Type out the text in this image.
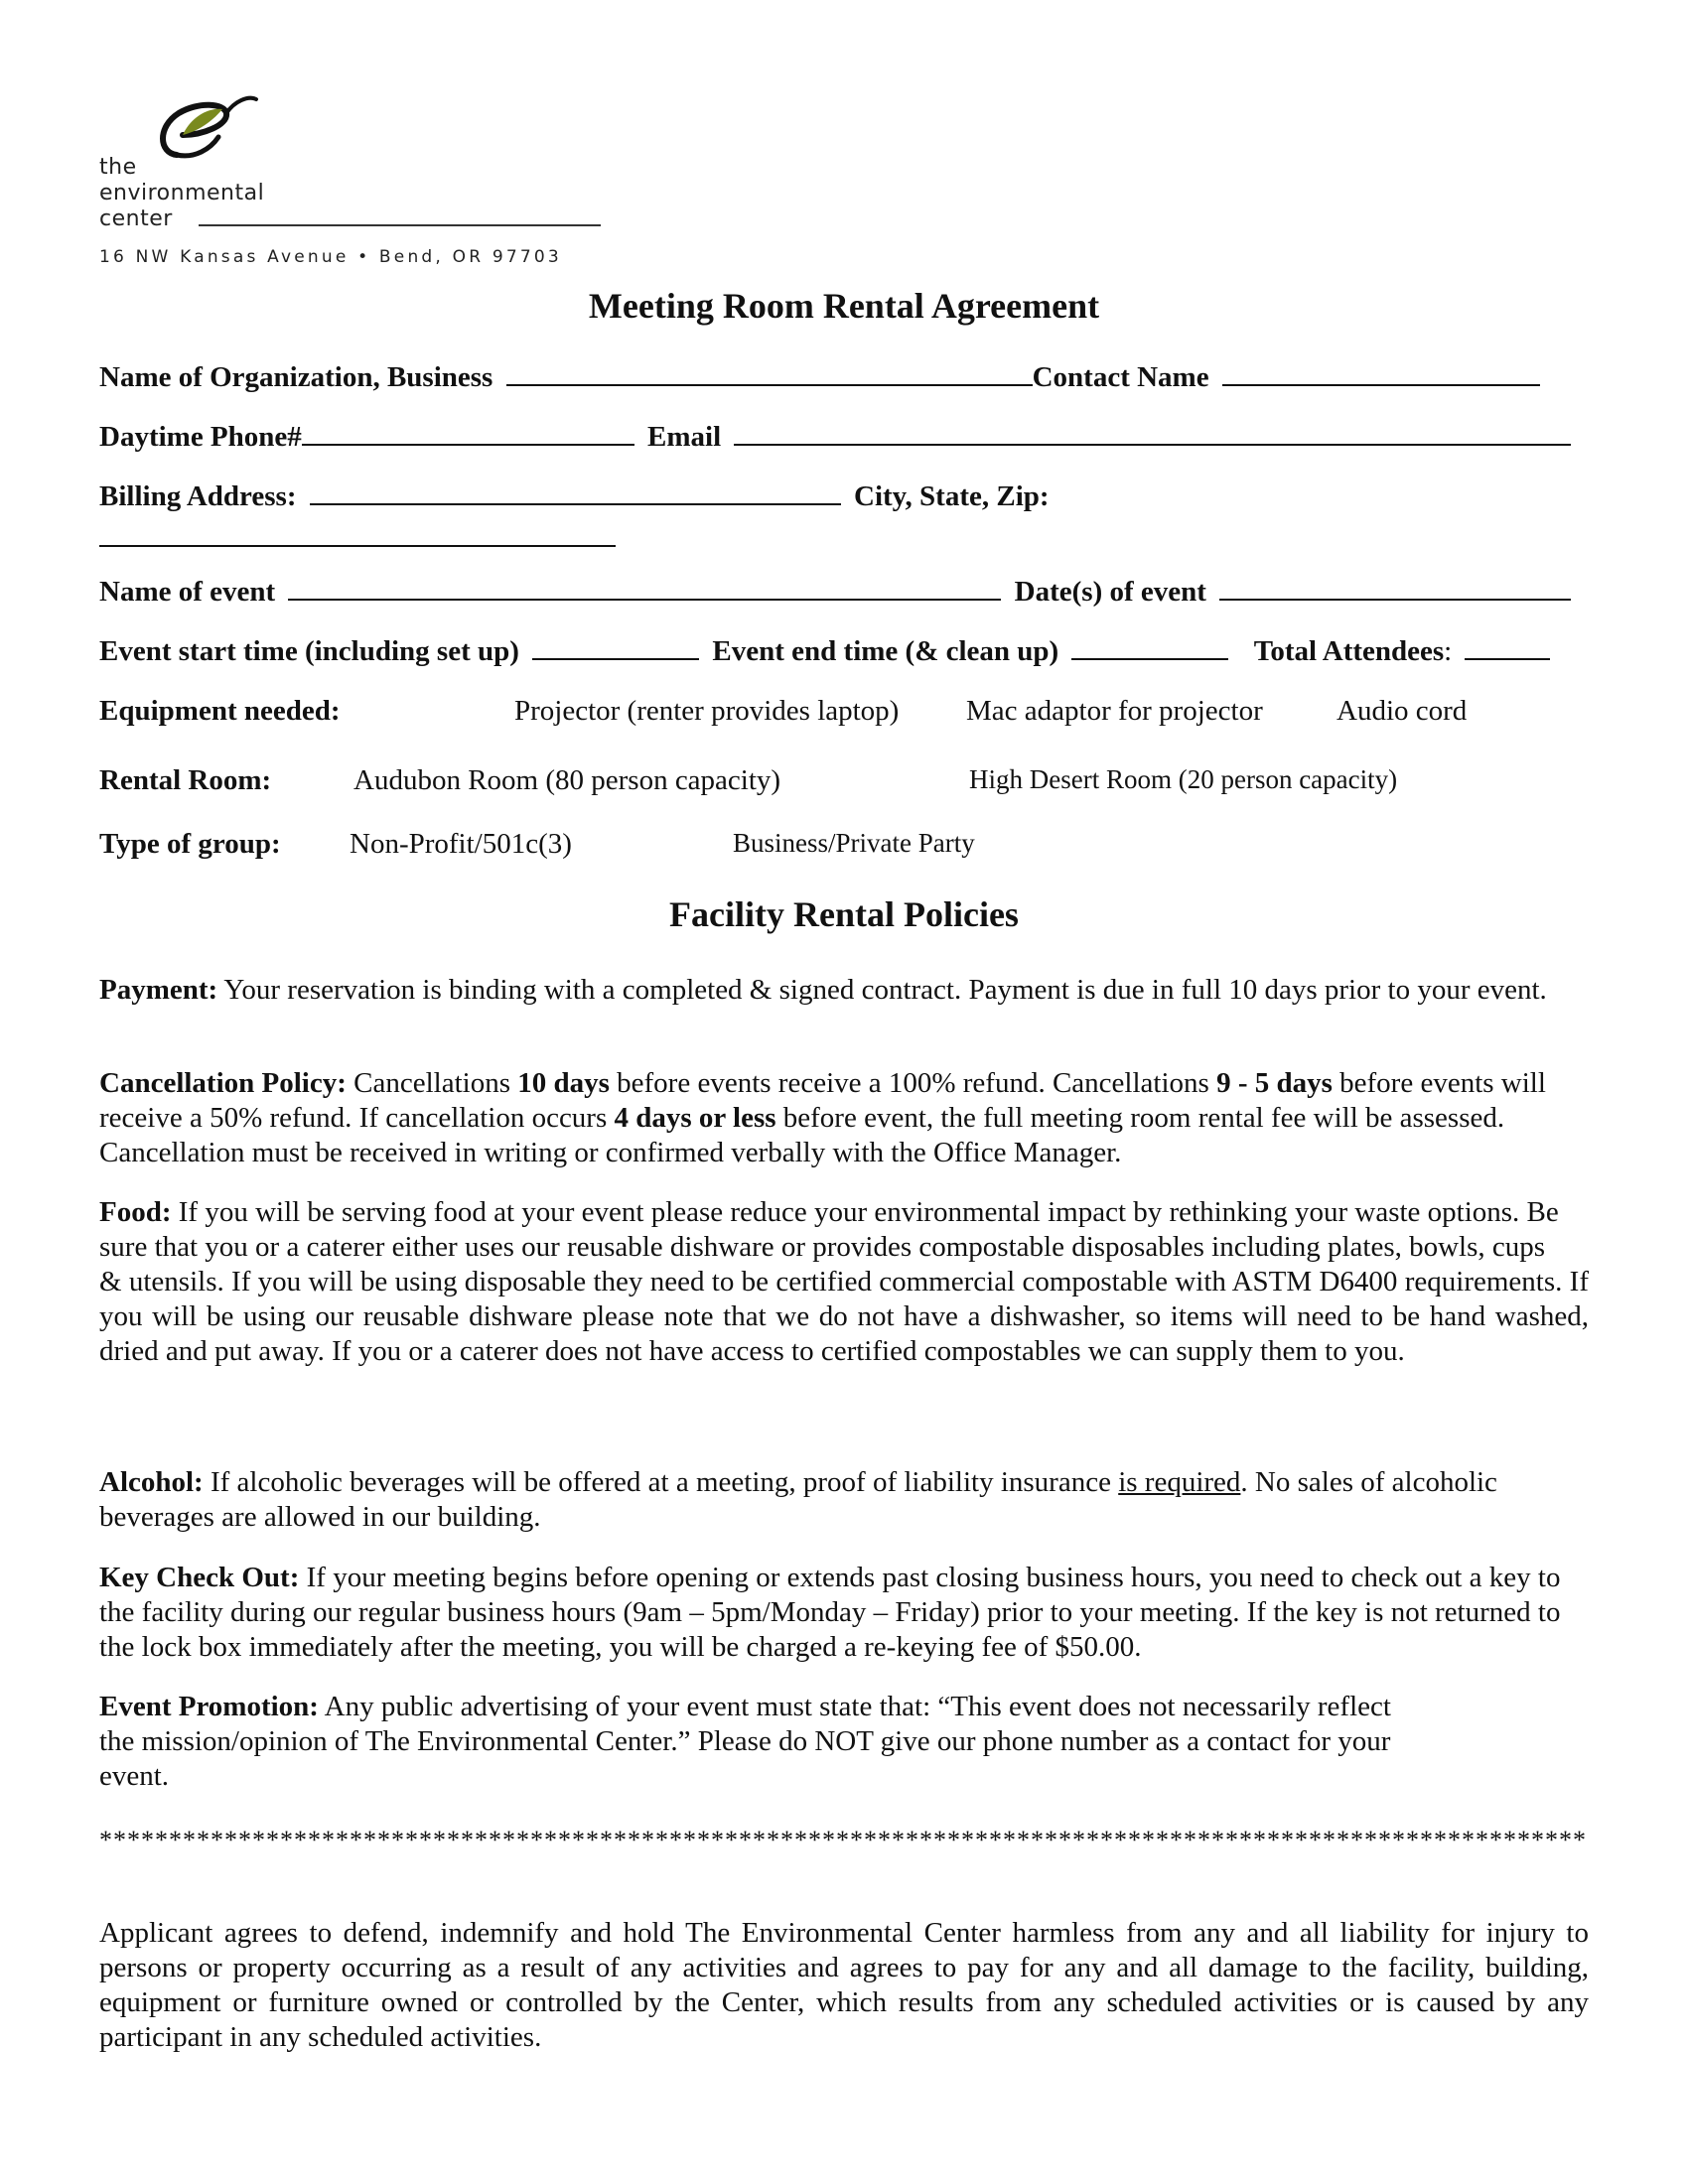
the
environmental
center
16 NW Kansas Avenue • Bend, OR 97703
Meeting Room Rental Agreement
Name of Organization, Business	Contact Name
Daytime Phone#	Email
Billing Address:	City, State, Zip:
Name of event	Date(s) of event
Event start time (including set up)	Event end time (& clean up)	Total Attendees:
Equipment needed:	Projector (renter provides laptop) Mac adaptor for projector	Audio cord
Rental Room:	Audubon Room (80 person capacity)	High Desert Room (20 person capacity)
Type of group: Non-Profit/501c(3)	Business/Private Party
Facility Rental Policies
Payment: Your reservation is binding with a completed & signed contract. Payment is due in full 10 days prior to your event.
Cancellation Policy: Cancellations 10 days before events receive a 100% refund. Cancellations 9 - 5 days before events will receive a 50% refund. If cancellation occurs 4 days or less before event, the full meeting room rental fee will be assessed. Cancellation must be received in writing or confirmed verbally with the Office Manager.
Food: If you will be serving food at your event please reduce your environmental impact by rethinking your waste options. Be sure that you or a caterer either uses our reusable dishware or provides compostable disposables including plates, bowls, cups
& utensils. If you will be using disposable they need to be certified commercial compostable with ASTM D6400 requirements. If you will be using our reusable dishware please note that we do not have a dishwasher, so items will need to be hand washed, dried and put away. If you or a caterer does not have access to certified compostables we can supply them to you.
Alcohol: If alcoholic beverages will be offered at a meeting, proof of liability insurance is required. No sales of alcoholic beverages are allowed in our building.
Key Check Out: If your meeting begins before opening or extends past closing business hours, you need to check out a key to the facility during our regular business hours (9am – 5pm/Monday – Friday) prior to your meeting. If the key is not returned to the lock box immediately after the meeting, you will be charged a re-keying fee of $50.00.
Event Promotion: Any public advertising of your event must state that: “This event does not necessarily reflect
the mission/opinion of The Environmental Center.” Please do NOT give our phone number as a contact for your
event.
***********************************************************************************************************
Applicant agrees to defend, indemnify and hold The Environmental Center harmless from any and all liability for injury to persons or property occurring as a result of any activities and agrees to pay for any and all damage to the facility, building, equipment or furniture owned or controlled by the Center, which results from any scheduled activities or is caused by any participant in any scheduled activities.
